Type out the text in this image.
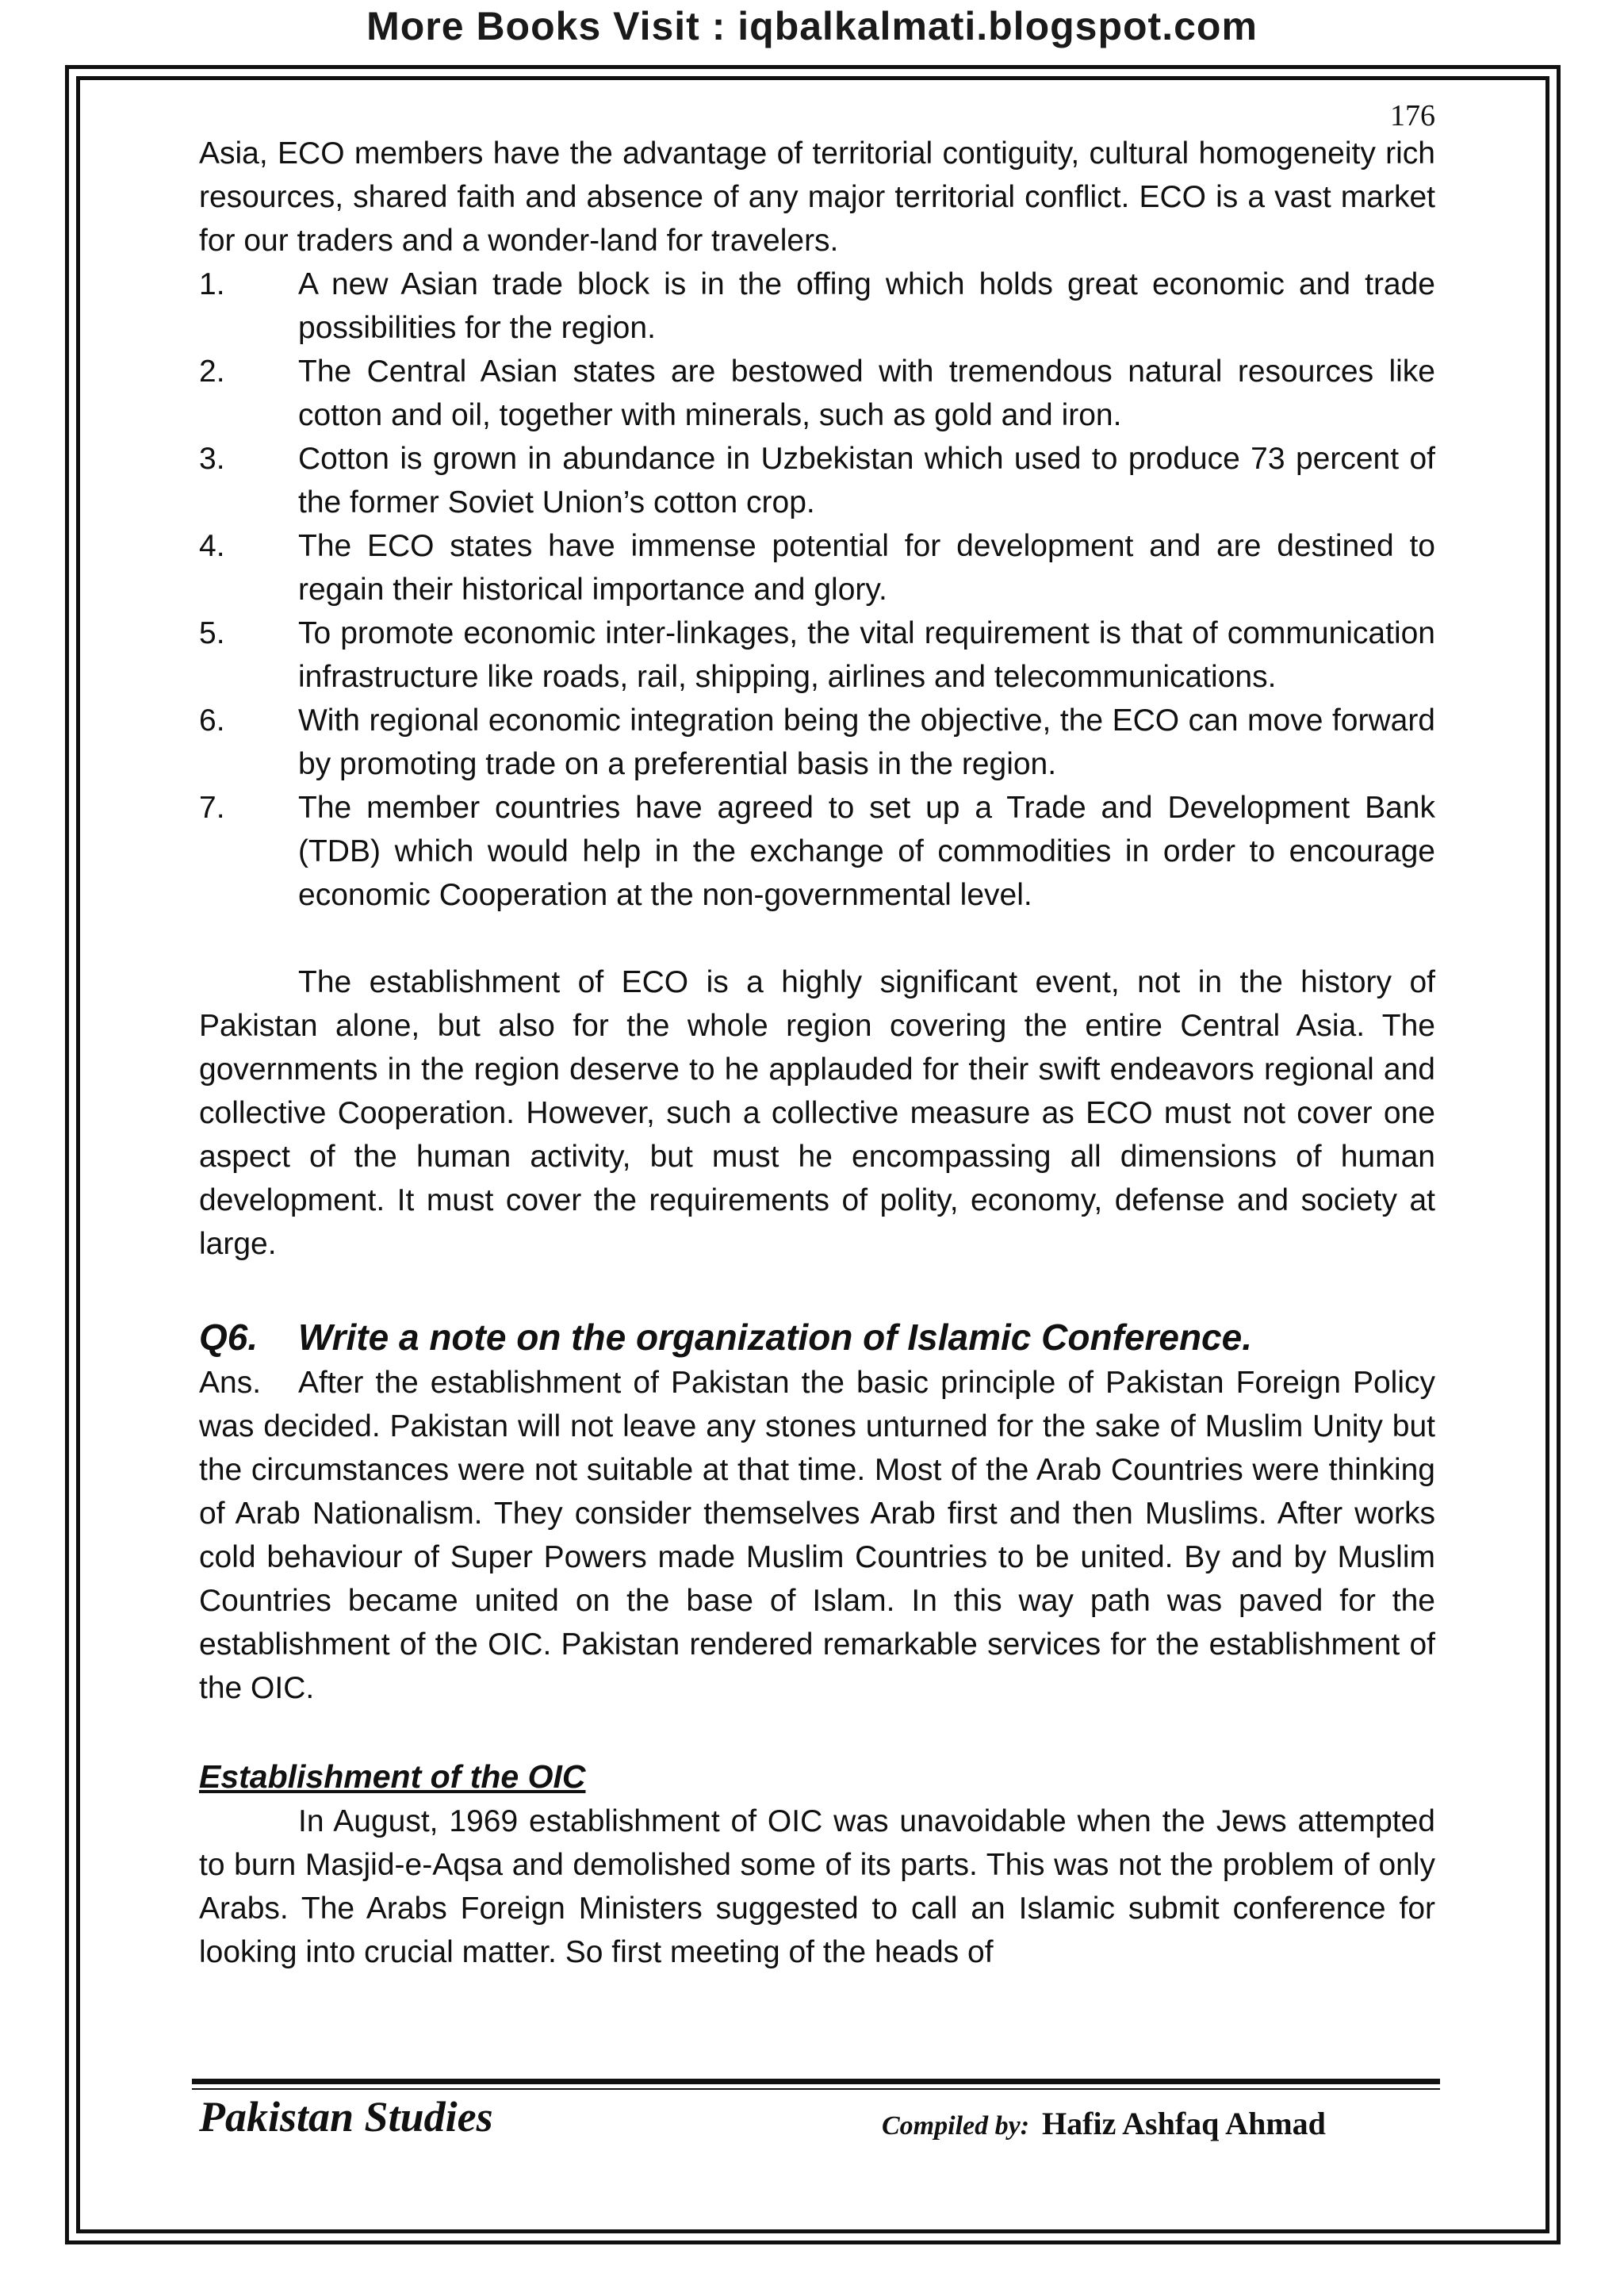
More Books Visit : iqbalkalmati.blogspot.com
176

Asia, ECO members have the advantage of territorial contiguity, cultural homogeneity rich resources, shared faith and absence of any major territorial conflict. ECO is a vast market for our traders and a wonder-land for travelers.

1.	A new Asian trade block is in the offing which holds great economic and trade possibilities for the region.
2.	The Central Asian states are bestowed with tremendous natural resources like cotton and oil, together with minerals, such as gold and iron.
3.	Cotton is grown in abundance in Uzbekistan which used to produce 73 percent of the former Soviet Union’s cotton crop.
4.	The ECO states have immense potential for development and are destined to regain their historical importance and glory.
5.	To promote economic inter-linkages, the vital requirement is that of communication infrastructure like roads, rail, shipping, airlines and telecommunications.
6.	With regional economic integration being the objective, the ECO can move forward by promoting trade on a preferential basis in the region.
7.	The member countries have agreed to set up a Trade and Development Bank (TDB) which would help in the exchange of commodities in order to encourage economic Cooperation at the non-governmental level.

The establishment of ECO is a highly significant event, not in the history of Pakistan alone, but also for the whole region covering the entire Central Asia. The governments in the region deserve to he applauded for their swift endeavors regional and collective Cooperation. However, such a collective measure as ECO must not cover one aspect of the human activity, but must he encompassing all dimensions of human development. It must cover the requirements of polity, economy, defense and society at large.

Q6.	Write a note on the organization of Islamic Conference.

Ans. After the establishment of Pakistan the basic principle of Pakistan Foreign Policy was decided. Pakistan will not leave any stones unturned for the sake of Muslim Unity but the circumstances were not suitable at that time. Most of the Arab Countries were thinking of Arab Nationalism. They consider themselves Arab first and then Muslims. After works cold behaviour of Super Powers made Muslim Countries to be united. By and by Muslim Countries became united on the base of Islam. In this way path was paved for the establishment of the OIC. Pakistan rendered remarkable services for the establishment of the OIC.

Establishment of the OIC

In August, 1969 establishment of OIC was unavoidable when the Jews attempted to burn Masjid-e-Aqsa and demolished some of its parts. This was not the problem of only Arabs. The Arabs Foreign Ministers suggested to call an Islamic submit conference for looking into crucial matter. So first meeting of the heads of

Pakistan Studies	Compiled by: Hafiz Ashfaq Ahmad
